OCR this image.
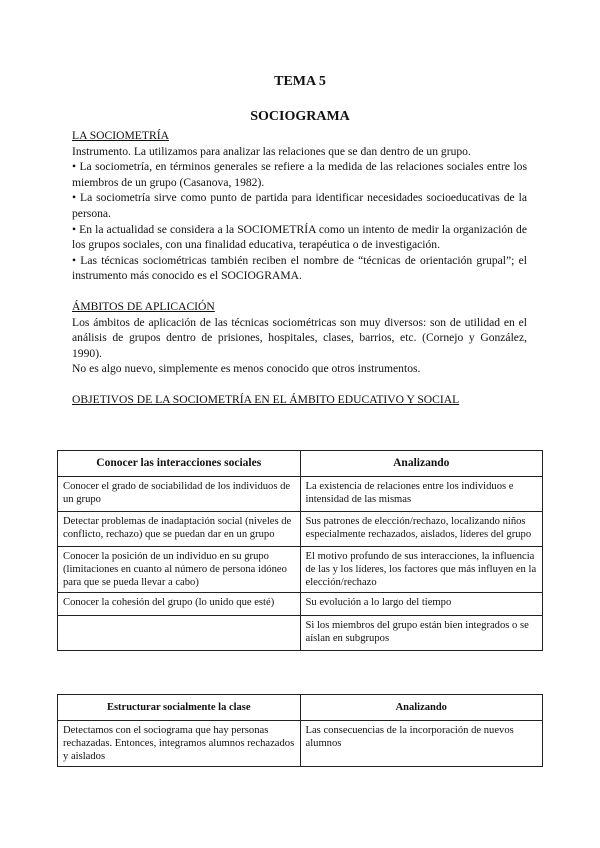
TEMA 5
SOCIOGRAMA
LA SOCIOMETRÍA
Instrumento. La utilizamos para analizar las relaciones que se dan dentro de un grupo.
• La sociometría, en términos generales se refiere a la medida de las relaciones sociales entre los miembros de un grupo (Casanova, 1982).
• La sociometría sirve como punto de partida para identificar necesidades socioeducativas de la persona.
• En la actualidad se considera a la SOCIOMETRÍA como un intento de medir la organización de los grupos sociales, con una finalidad educativa, terapéutica o de investigación.
• Las técnicas sociométricas también reciben el nombre de “técnicas de orientación grupal”; el instrumento más conocido es el SOCIOGRAMA.
ÁMBITOS DE APLICACIÓN
Los ámbitos de aplicación de las técnicas sociométricas son muy diversos: son de utilidad en el análisis de grupos dentro de prisiones, hospitales, clases, barrios, etc. (Cornejo y González, 1990).
No es algo nuevo, simplemente es menos conocido que otros instrumentos.
OBJETIVOS DE LA SOCIOMETRÍA EN EL ÁMBITO EDUCATIVO Y SOCIAL
Conocer las interacciones sociales	Analizando
Conocer el grado de sociabilidad de los individuos de un grupo	La existencia de relaciones entre los individuos e intensidad de las mismas
Detectar problemas de inadaptación social (niveles de conflicto, rechazo) que se puedan dar en un grupo	Sus patrones de elección/rechazo, localizando niños especialmente rechazados, aislados, líderes del grupo
Conocer la posición de un individuo en su grupo (limitaciones en cuanto al número de persona idóneo para que se pueda llevar a cabo)	El motivo profundo de sus interacciones, la influencia de las y los líderes, los factores que más influyen en la elección/rechazo
Conocer la cohesión del grupo (lo unido que esté)	Su evolución a lo largo del tiempo
	Si los miembros del grupo están bien integrados o se aíslan en subgrupos
Estructurar socialmente la clase	Analizando
Detectamos con el sociograma que hay personas rechazadas. Entonces, integramos alumnos rechazados y aislados	Las consecuencias de la incorporación de nuevos alumnos
